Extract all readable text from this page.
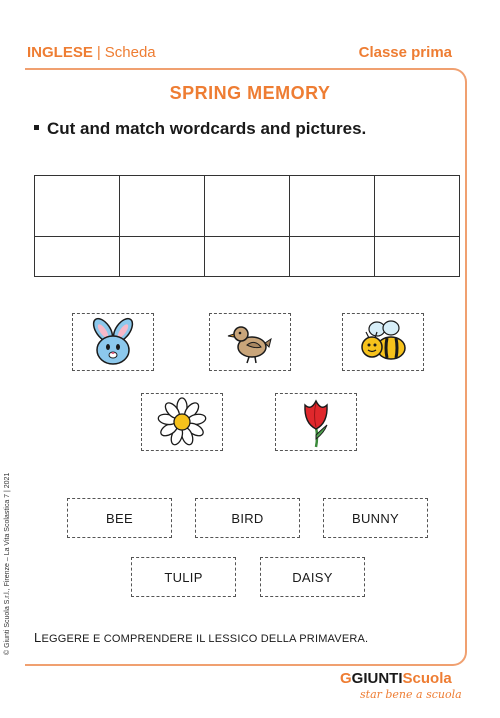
INGLESE | Scheda	Classe prima
SPRING MEMORY
Cut and match wordcards and pictures.

BEE	BIRD	BUNNY
TULIP	DAISY
LEGGERE E COMPRENDERE IL LESSICO DELLA PRIMAVERA.
© Giunti Scuola S.r.l., Firenze – La Vita Scolastica 7 | 2021
GGIUNTIScuola
star bene a scuola
